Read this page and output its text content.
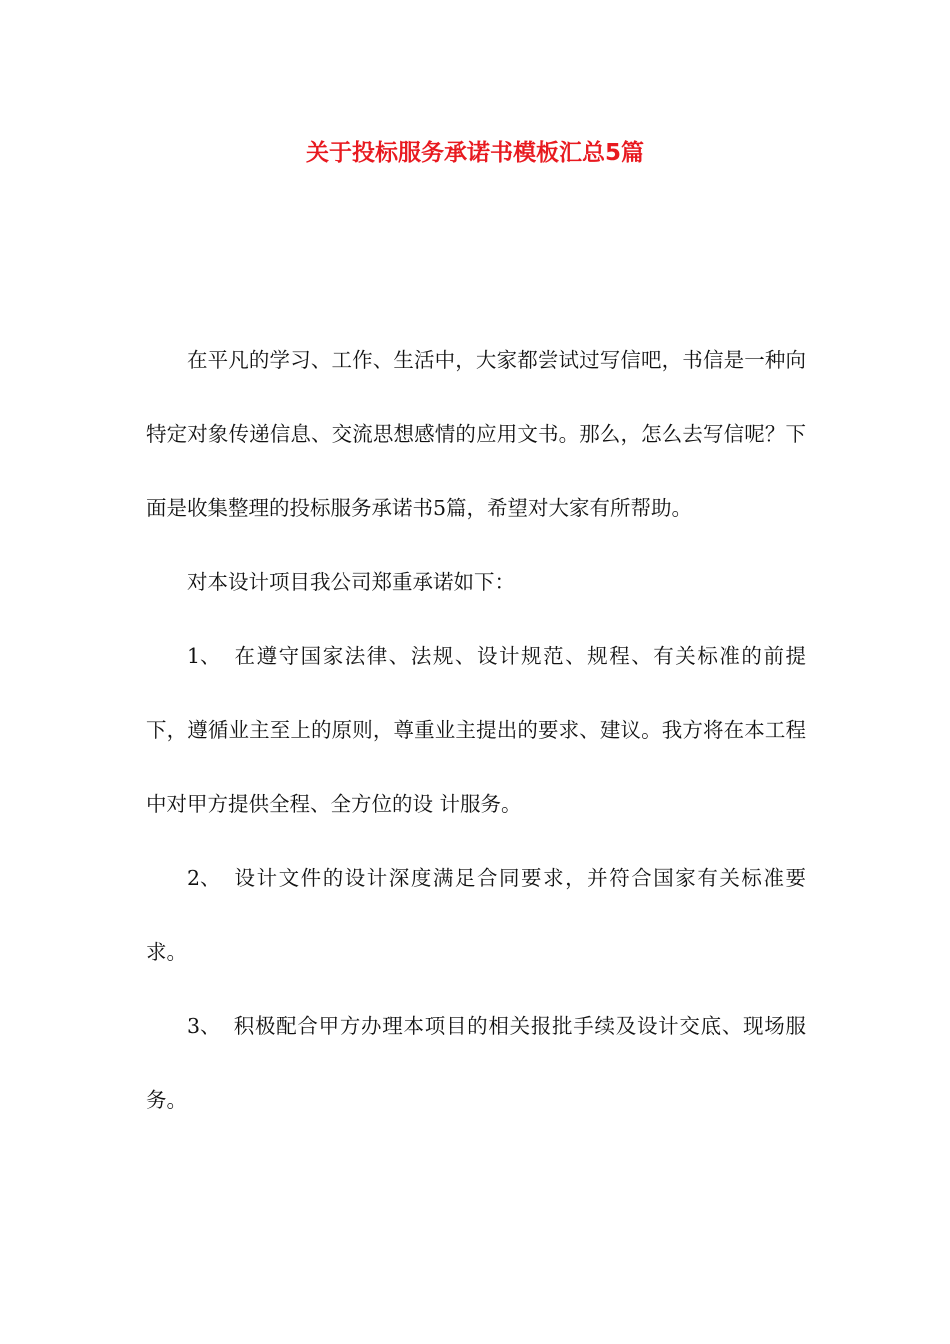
关于投标服务承诺书模板汇总5篇

在平凡的学习、工作、生活中，大家都尝试过写信吧，书信是一种向特定对象传递信息、交流思想感情的应用文书。那么，怎么去写信呢？下面是收集整理的投标服务承诺书5篇，希望对大家有所帮助。

对本设计项目我公司郑重承诺如下：

1、 在遵守国家法律、法规、设计规范、规程、有关标准的前提下，遵循业主至上的原则，尊重业主提出的要求、建议。我方将在本工程中对甲方提供全程、全方位的设 计服务。

2、 设计文件的设计深度满足合同要求，并符合国家有关标准要求。

3、 积极配合甲方办理本项目的相关报批手续及设计交底、现场服务。
